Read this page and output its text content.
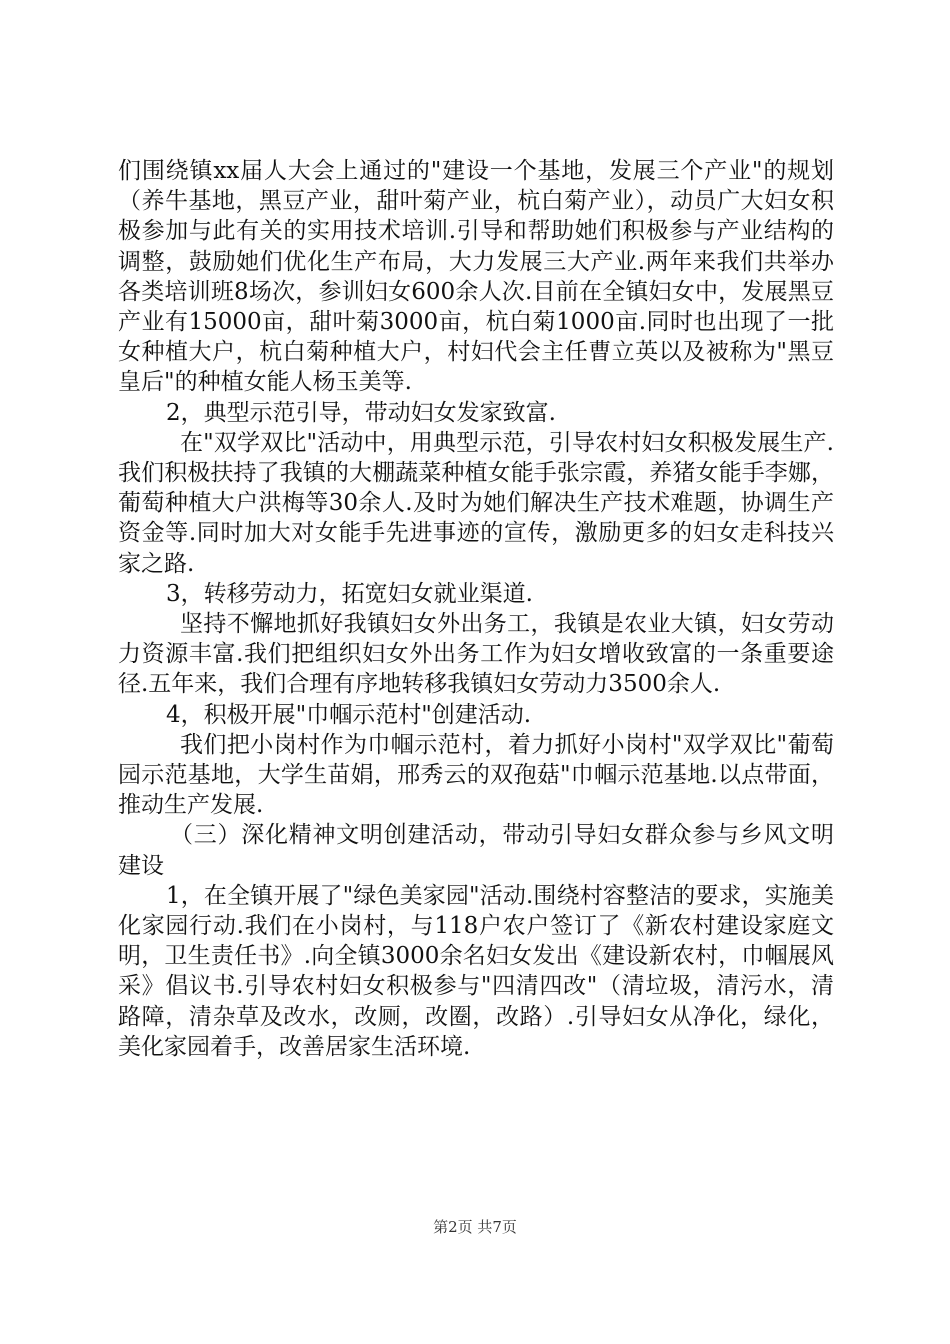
们围绕镇xx届人大会上通过的"建设一个基地，发展三个产业"的规划（养牛基地，黑豆产业，甜叶菊产业，杭白菊产业），动员广大妇女积极参加与此有关的实用技术培训.引导和帮助她们积极参与产业结构的调整，鼓励她们优化生产布局，大力发展三大产业.两年来我们共举办各类培训班8场次，参训妇女600余人次.目前在全镇妇女中，发展黑豆产业有15000亩，甜叶菊3000亩，杭白菊1000亩.同时也出现了一批女种植大户，杭白菊种植大户，村妇代会主任曹立英以及被称为"黑豆皇后"的种植女能人杨玉美等.

2，典型示范引导，带动妇女发家致富.

在"双学双比"活动中，用典型示范，引导农村妇女积极发展生产.我们积极扶持了我镇的大棚蔬菜种植女能手张宗霞，养猪女能手李娜，葡萄种植大户洪梅等30余人.及时为她们解决生产技术难题，协调生产资金等.同时加大对女能手先进事迹的宣传，激励更多的妇女走科技兴家之路.

3，转移劳动力，拓宽妇女就业渠道.

坚持不懈地抓好我镇妇女外出务工，我镇是农业大镇，妇女劳动力资源丰富.我们把组织妇女外出务工作为妇女增收致富的一条重要途径.五年来，我们合理有序地转移我镇妇女劳动力3500余人.

4，积极开展"巾帼示范村"创建活动.

我们把小岗村作为巾帼示范村，着力抓好小岗村"双学双比"葡萄园示范基地，大学生苗娟，邢秀云的双孢菇"巾帼示范基地.以点带面，推动生产发展.

（三）深化精神文明创建活动，带动引导妇女群众参与乡风文明建设

1，在全镇开展了"绿色美家园"活动.围绕村容整洁的要求，实施美化家园行动.我们在小岗村，与118户农户签订了《新农村建设家庭文明，卫生责任书》.向全镇3000余名妇女发出《建设新农村，巾帼展风采》倡议书.引导农村妇女积极参与"四清四改"（清垃圾，清污水，清路障，清杂草及改水，改厕，改圈，改路）.引导妇女从净化，绿化，美化家园着手，改善居家生活环境.

第2页 共7页
